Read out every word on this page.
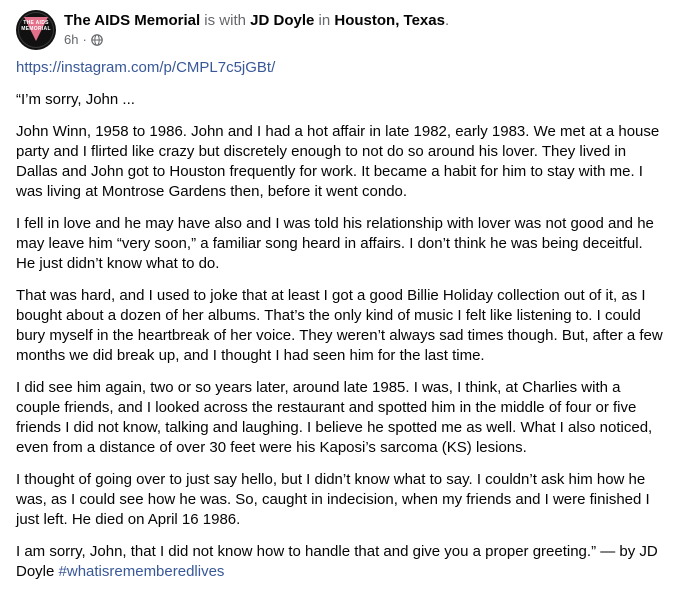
THE AIDS MEMORIAL The AIDS Memorial is with JD Doyle in Houston, Texas.
6h ·

https://instagram.com/p/CMPL7c5jGBt/

“I’m sorry, John ...

John Winn, 1958 to 1986. John and I had a hot affair in late 1982, early 1983. We met at a house party and I flirted like crazy but discretely enough to not do so around his lover. They lived in Dallas and John got to Houston frequently for work. It became a habit for him to stay with me. I was living at Montrose Gardens then, before it went condo.

I fell in love and he may have also and I was told his relationship with lover was not good and he may leave him “very soon,” a familiar song heard in affairs. I don’t think he was being deceitful. He just didn’t know what to do.

That was hard, and I used to joke that at least I got a good Billie Holiday collection out of it, as I bought about a dozen of her albums. That’s the only kind of music I felt like listening to. I could bury myself in the heartbreak of her voice. They weren’t always sad times though. But, after a few months we did break up, and I thought I had seen him for the last time.

I did see him again, two or so years later, around late 1985. I was, I think, at Charlies with a couple friends, and I looked across the restaurant and spotted him in the middle of four or five friends I did not know, talking and laughing. I believe he spotted me as well. What I also noticed, even from a distance of over 30 feet were his Kaposi’s sarcoma (KS) lesions.

I thought of going over to just say hello, but I didn’t know what to say. I couldn’t ask him how he was, as I could see how he was. So, caught in indecision, when my friends and I were finished I just left. He died on April 16 1986.

I am sorry, John, that I did not know how to handle that and give you a proper greeting.” — by JD Doyle #whatisrememberedlives
